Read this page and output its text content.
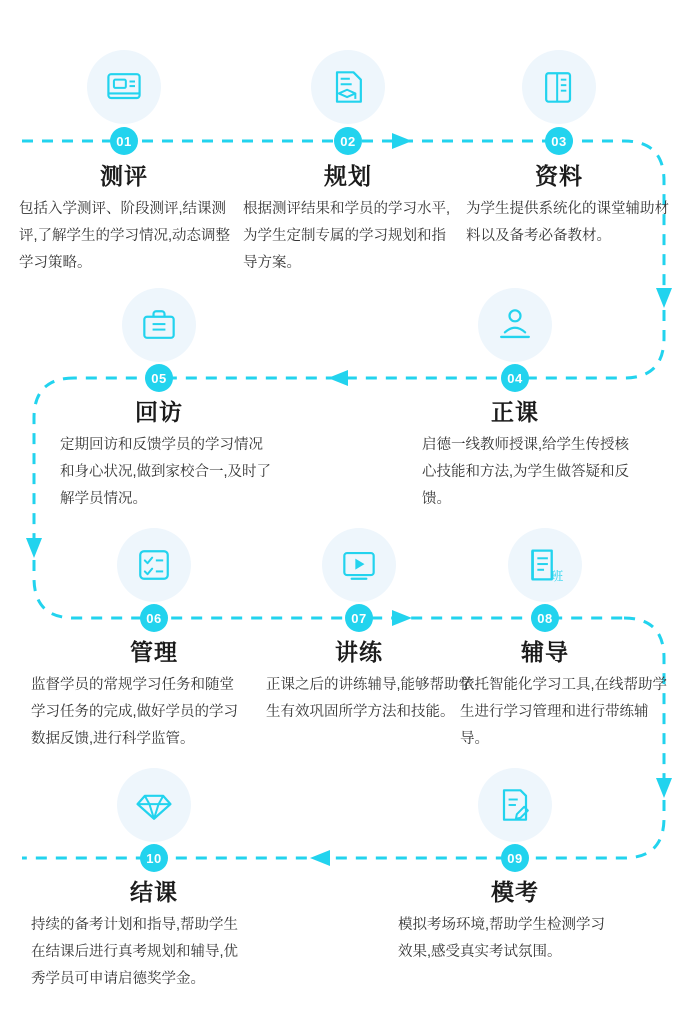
01
测评
包括入学测评、阶段测评,结课测评,了解学生的学习情况,动态调整学习策略。
02
规划
根据测评结果和学员的学习水平,为学生定制专属的学习规划和指导方案。
03
资料
为学生提供系统化的课堂辅助材料以及备考必备教材。
04
正课
启德一线教师授课,给学生传授核心技能和方法,为学生做答疑和反馈。
05
回访
定期回访和反馈学员的学习情况和身心状况,做到家校合一,及时了解学员情况。
06
管理
监督学员的常规学习任务和随堂学习任务的完成,做好学员的学习数据反馈,进行科学监管。
07
讲练
正课之后的讲练辅导,能够帮助学生有效巩固所学方法和技能。
班
08
辅导
依托智能化学习工具,在线帮助学生进行学习管理和进行带练辅导。
09
模考
模拟考场环境,帮助学生检测学习效果,感受真实考试氛围。
10
结课
持续的备考计划和指导,帮助学生在结课后进行真考规划和辅导,优秀学员可申请启德奖学金。
